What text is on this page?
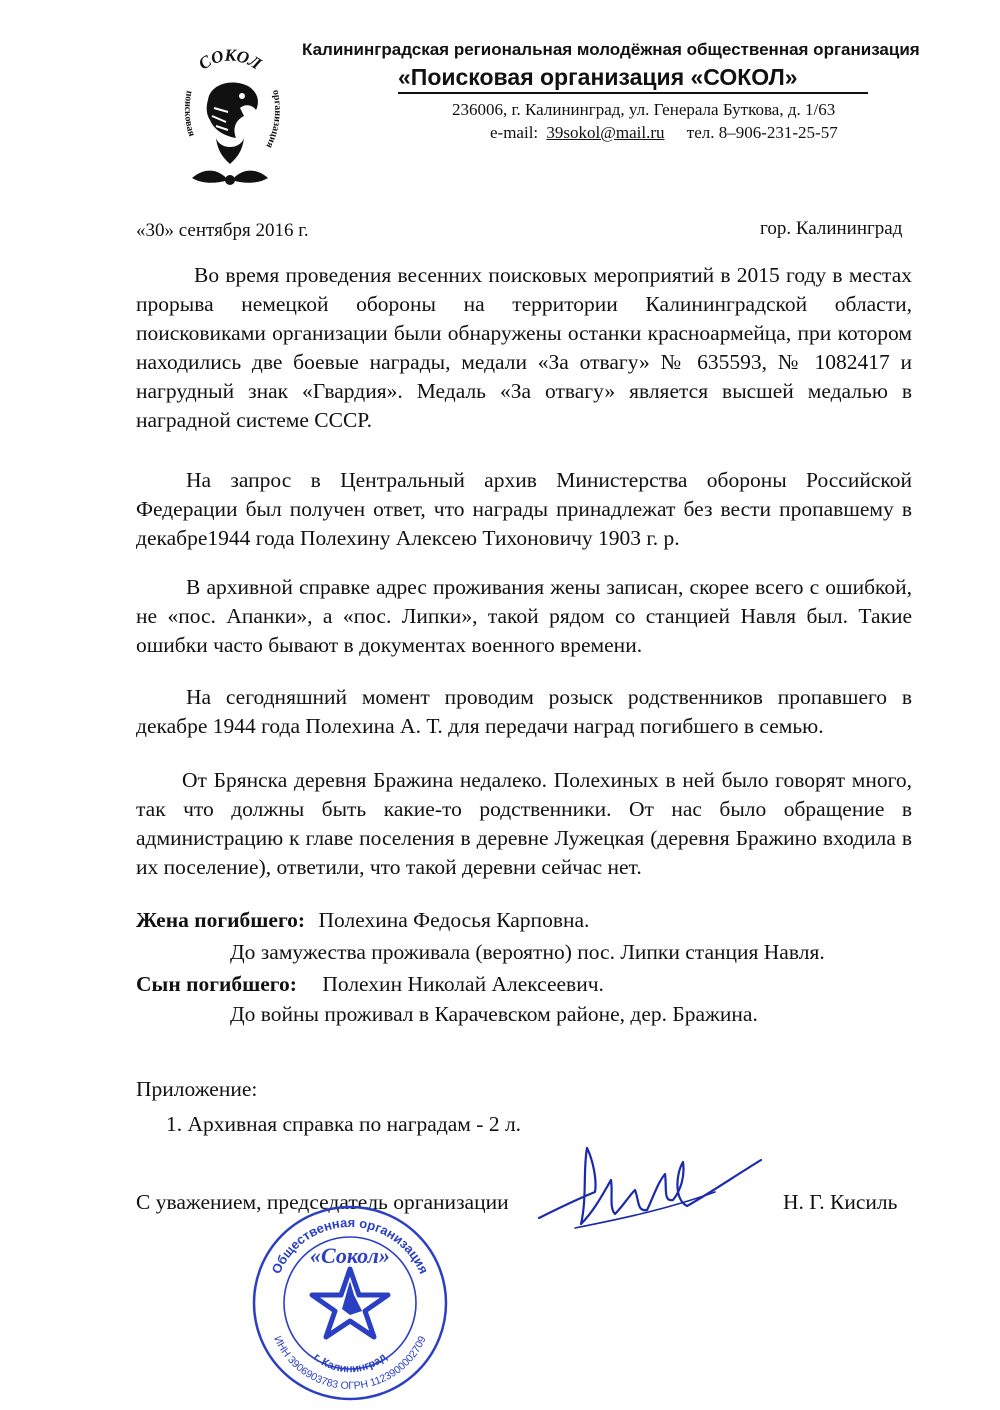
СОКОЛ
поисковая
организация
Калининградская региональная молодёжная общественная организация
«Поисковая организация «СОКОЛ»
236006, г. Калининград, ул. Генерала Буткова, д. 1/63
e-mail: 39sokol@mail.ru тел. 8–906-231-25-57
«30» сентября 2016 г.	гор. Калининград
Во время проведения весенних поисковых мероприятий в 2015 году в местах прорыва немецкой обороны на территории Калининградской области, поисковиками организации были обнаружены останки красноармейца, при котором находились две боевые награды, медали «За отвагу» № 635593, № 1082417 и нагрудный знак «Гвардия». Медаль «За отвагу» является высшей медалью в наградной системе СССР.
На запрос в Центральный архив Министерства обороны Российской Федерации был получен ответ, что награды принадлежат без вести пропавшему в декабре1944 года Полехину Алексею Тихоновичу 1903 г. р.
В архивной справке адрес проживания жены записан, скорее всего с ошибкой, не «пос. Апанки», а «пос. Липки», такой рядом со станцией Навля был. Такие ошибки часто бывают в документах военного времени.
На сегодняшний момент проводим розыск родственников пропавшего в декабре 1944 года Полехина А. Т. для передачи наград погибшего в семью.
От Брянска деревня Бражина недалеко. Полехиных в ней было говорят много, так что должны быть какие-то родственники. От нас было обращение в администрацию к главе поселения в деревне Лужецкая (деревня Бражино входила в их поселение), ответили, что такой деревни сейчас нет.
Жена погибшего: Полехина Федосья Карповна.
До замужества проживала (вероятно) пос. Липки станция Навля.
Сын погибшего: Полехин Николай Алексеевич.
До войны проживал в Карачевском районе, дер. Бражина.
Приложение:
1. Архивная справка по наградам - 2 л.
С уважением, председатель организации	Н. Г. Кисиль
Общественная организация
ИНН 3906903783 ОГРН 1123900002709
г. Калининград
«Сокол»
